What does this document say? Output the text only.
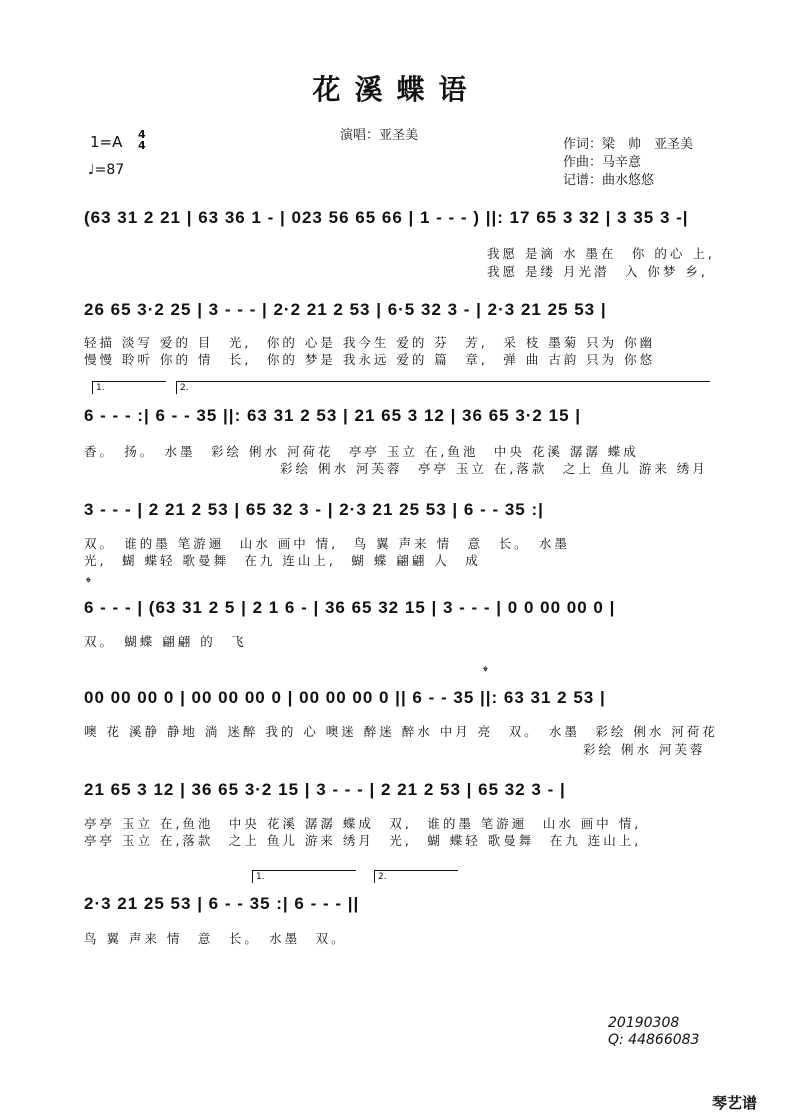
花溪蝶语
演唱：亚圣美
1=A 4
4
♩=87
作词：梁　帅　亚圣美
作曲：马辛意
记谱：曲水悠悠
(63 31 2 21 | 63 36 1 - | 023 56 65 66 | 1 - - - ) ||: 17 65 3 32 | 3 35 3 -|
我愿 是滴 水 墨在　你 的心 上,
我愿 是缕 月光潜　入 你梦 乡,
26 65 3·2 25 | 3 - - - | 2·2 21 2 53 | 6·5 32 3 - | 2·3 21 25 53 |
轻描 淡写 爱的 目　光,　你的 心是 我今生 爱的 芬　芳,　采 枝 墨菊 只为 你幽
慢慢 聆听 你的 情　长,　你的 梦是 我永远 爱的 篇　章,　弹 曲 古韵 只为 你悠
1.	2.
6 - - - :| 6 - - 35 ||: 63 31 2 53 | 21 65 3 12 | 36 65 3·2 15 |
香。　扬。　水墨　彩绘 俐水 河荷花　亭亭 玉立 在,鱼池　中央 花溪 潺潺 蝶成
彩绘 俐水 河芙蓉　亭亭 玉立 在,落款　之上 鱼儿 游来 绣月
3 - - - | 2 21 2 53 | 65 32 3 - | 2·3 21 25 53 | 6 - - 35 :|
双。　谁的墨 笔游逦　山水 画中 情,　鸟 翼 声来 情　意　长。　水墨
光,　蝴 蝶轻 歌曼舞　在九 连山上,　蝴 蝶 翩翩 人　成
𝄌
6 - - - | (63 31 2 5 | 2 1 6 - | 36 65 32 15 | 3 - - - | 0 0 00 00 0 |
双。　蝴蝶 翩翩 的　飞
𝄌
00 00 00 0 | 00 00 00 0 | 00 00 00 0 || 6 - - 35 ||: 63 31 2 53 |
噢 花 溪静 静地 淌 迷醉 我的 心 噢迷 醉迷 醉水 中月 亮　双。　水墨　彩绘 俐水 河荷花
彩绘 俐水 河芙蓉
21 65 3 12 | 36 65 3·2 15 | 3 - - - | 2 21 2 53 | 65 32 3 - |
亭亭 玉立 在,鱼池　中央 花溪 潺潺 蝶成　双,　谁的墨 笔游逦　山水 画中 情,
亭亭 玉立 在,落款　之上 鱼儿 游来 绣月　光,　蝴 蝶轻 歌曼舞　在九 连山上,
1.	2.
2·3 21 25 53 | 6 - - 35 :| 6 - - - ||
鸟 翼 声来 情　意　长。　水墨　双。
20190308
Q: 44866083
琴艺谱
